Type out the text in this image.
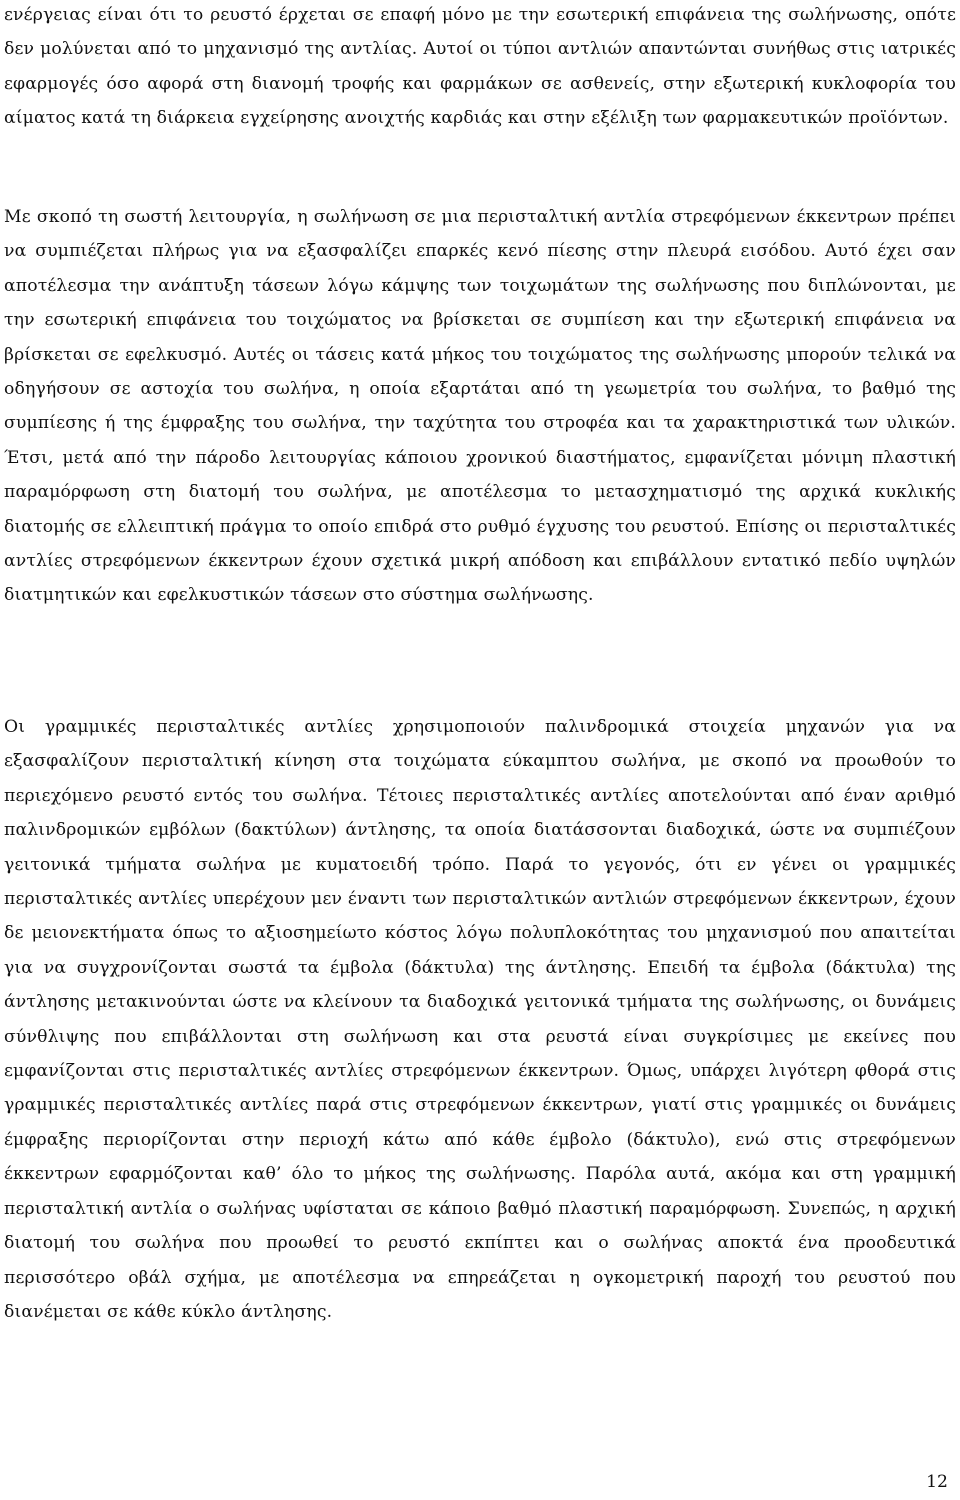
ενέργειας είναι ότι το ρευστό έρχεται σε επαφή μόνο με την εσωτερική επιφάνεια της σωλήνωσης, οπότε δεν μολύνεται από το μηχανισμό της αντλίας. Αυτοί οι τύποι αντλιών απαντώνται συνήθως στις ιατρικές εφαρμογές όσο αφορά στη διανομή τροφής και φαρμάκων σε ασθενείς, στην εξωτερική κυκλοφορία του αίματος κατά τη διάρκεια εγχείρησης ανοιχτής καρδιάς και στην εξέλιξη των φαρμακευτικών προϊόντων.

Με σκοπό τη σωστή λειτουργία, η σωλήνωση σε μια περισταλτική αντλία στρεφόμενων έκκεντρων πρέπει να συμπιέζεται πλήρως για να εξασφαλίζει επαρκές κενό πίεσης στην πλευρά εισόδου. Αυτό έχει σαν αποτέλεσμα την ανάπτυξη τάσεων λόγω κάμψης των τοιχωμάτων της σωλήνωσης που διπλώνονται, με την εσωτερική επιφάνεια του τοιχώματος να βρίσκεται σε συμπίεση και την εξωτερική επιφάνεια να βρίσκεται σε εφελκυσμό. Αυτές οι τάσεις κατά μήκος του τοιχώματος της σωλήνωσης μπορούν τελικά να οδηγήσουν σε αστοχία του σωλήνα, η οποία εξαρτάται από τη γεωμετρία του σωλήνα, το βαθμό της συμπίεσης ή της έμφραξης του σωλήνα, την ταχύτητα του στροφέα και τα χαρακτηριστικά των υλικών. Έτσι, μετά από την πάροδο λειτουργίας κάποιου χρονικού διαστήματος, εμφανίζεται μόνιμη πλαστική παραμόρφωση στη διατομή του σωλήνα, με αποτέλεσμα το μετασχηματισμό της αρχικά κυκλικής διατομής σε ελλειπτική πράγμα το οποίο επιδρά στο ρυθμό έγχυσης του ρευστού. Επίσης οι περισταλτικές αντλίες στρεφόμενων έκκεντρων έχουν σχετικά μικρή απόδοση και επιβάλλουν εντατικό πεδίο υψηλών διατμητικών και εφελκυστικών τάσεων στο σύστημα σωλήνωσης.

Οι γραμμικές περισταλτικές αντλίες χρησιμοποιούν παλινδρομικά στοιχεία μηχανών για να εξασφαλίζουν περισταλτική κίνηση στα τοιχώματα εύκαμπτου σωλήνα, με σκοπό να προωθούν το περιεχόμενο ρευστό εντός του σωλήνα. Τέτοιες περισταλτικές αντλίες αποτελούνται από έναν αριθμό παλινδρομικών εμβόλων (δακτύλων) άντλησης, τα οποία διατάσσονται διαδοχικά, ώστε να συμπιέζουν γειτονικά τμήματα σωλήνα με κυματοειδή τρόπο. Παρά το γεγονός, ότι εν γένει οι γραμμικές περισταλτικές αντλίες υπερέχουν μεν έναντι των περισταλτικών αντλιών στρεφόμενων έκκεντρων, έχουν δε μειονεκτήματα όπως το αξιοσημείωτο κόστος λόγω πολυπλοκότητας του μηχανισμού που απαιτείται για να συγχρονίζονται σωστά τα έμβολα (δάκτυλα) της άντλησης. Επειδή τα έμβολα (δάκτυλα) της άντλησης μετακινούνται ώστε να κλείνουν τα διαδοχικά γειτονικά τμήματα της σωλήνωσης, οι δυνάμεις σύνθλιψης που επιβάλλονται στη σωλήνωση και στα ρευστά είναι συγκρίσιμες με εκείνες που εμφανίζονται στις περισταλτικές αντλίες στρεφόμενων έκκεντρων. Όμως, υπάρχει λιγότερη φθορά στις γραμμικές περισταλτικές αντλίες παρά στις στρεφόμενων έκκεντρων, γιατί στις γραμμικές οι δυνάμεις έμφραξης περιορίζονται στην περιοχή κάτω από κάθε έμβολο (δάκτυλο), ενώ στις στρεφόμενων έκκεντρων εφαρμόζονται καθ’ όλο το μήκος της σωλήνωσης. Παρόλα αυτά, ακόμα και στη γραμμική περισταλτική αντλία ο σωλήνας υφίσταται σε κάποιο βαθμό πλαστική παραμόρφωση. Συνεπώς, η αρχική διατομή του σωλήνα που προωθεί το ρευστό εκπίπτει και ο σωλήνας αποκτά ένα προοδευτικά περισσότερο οβάλ σχήμα, με αποτέλεσμα να επηρεάζεται η ογκομετρική παροχή του ρευστού που διανέμεται σε κάθε κύκλο άντλησης.

12
